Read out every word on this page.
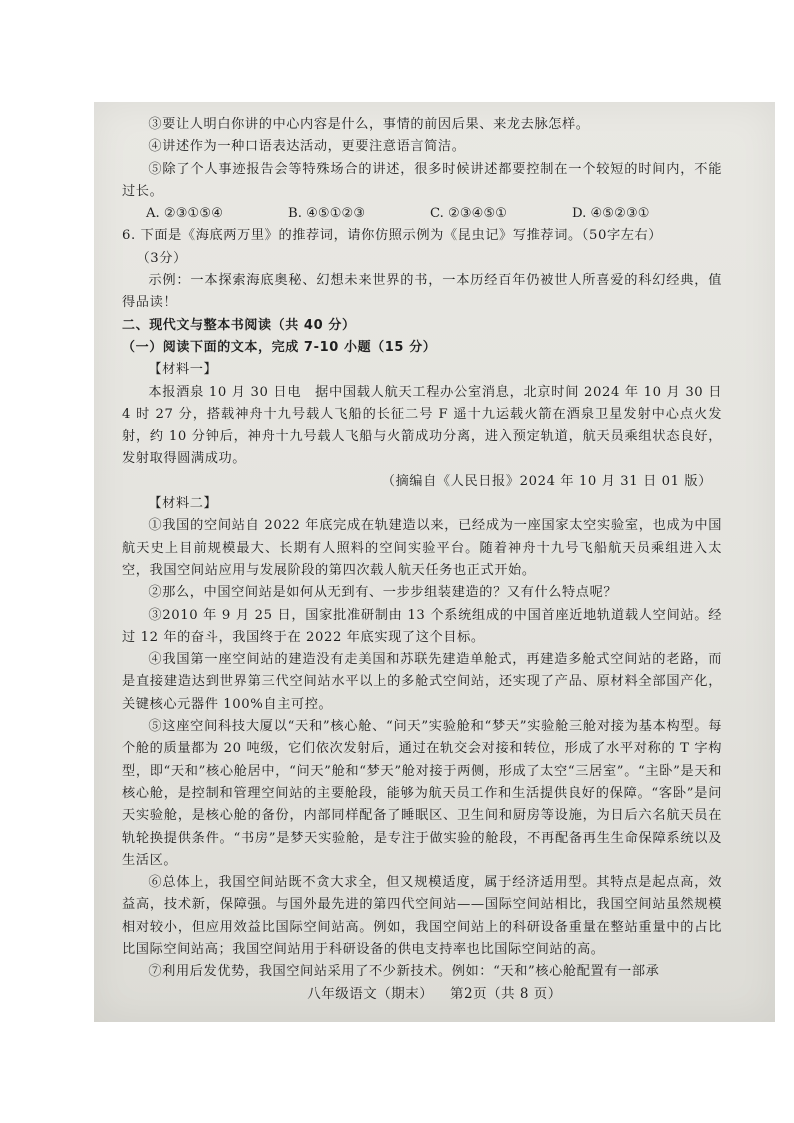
③要让人明白你讲的中心内容是什么，事情的前因后果、来龙去脉怎样。

④讲述作为一种口语表达活动，更要注意语言简洁。

⑤除了个人事迹报告会等特殊场合的讲述，很多时候讲述都要控制在一个较短的时间内，不能过长。

A. ②③①⑤④	B. ④⑤①②③	C. ②③④⑤①	D. ④⑤②③①

6. 下面是《海底两万里》的推荐词，请你仿照示例为《昆虫记》写推荐词。（50字左右）

（3分）

示例：一本探索海底奥秘、幻想未来世界的书，一本历经百年仍被世人所喜爱的科幻经典，值得品读！

二、现代文与整本书阅读（共 40 分）

（一）阅读下面的文本，完成 7-10 小题（15 分）

【材料一】

本报酒泉 10 月 30 日电　据中国载人航天工程办公室消息，北京时间 2024 年 10 月 30 日 4 时 27 分，搭载神舟十九号载人飞船的长征二号 F 遥十九运载火箭在酒泉卫星发射中心点火发射，约 10 分钟后，神舟十九号载人飞船与火箭成功分离，进入预定轨道，航天员乘组状态良好，发射取得圆满成功。

（摘编自《人民日报》2024 年 10 月 31 日 01 版）

【材料二】

①我国的空间站自 2022 年底完成在轨建造以来，已经成为一座国家太空实验室，也成为中国航天史上目前规模最大、长期有人照料的空间实验平台。随着神舟十九号飞船航天员乘组进入太空，我国空间站应用与发展阶段的第四次载人航天任务也正式开始。

②那么，中国空间站是如何从无到有、一步步组装建造的？又有什么特点呢？

③2010 年 9 月 25 日，国家批准研制由 13 个系统组成的中国首座近地轨道载人空间站。经过 12 年的奋斗，我国终于在 2022 年底实现了这个目标。

④我国第一座空间站的建造没有走美国和苏联先建造单舱式，再建造多舱式空间站的老路，而是直接建造达到世界第三代空间站水平以上的多舱式空间站，还实现了产品、原材料全部国产化，关键核心元器件 100%自主可控。

⑤这座空间科技大厦以“天和”核心舱、“问天”实验舱和“梦天”实验舱三舱对接为基本构型。每个舱的质量都为 20 吨级，它们依次发射后，通过在轨交会对接和转位，形成了水平对称的 T 字构型，即“天和”核心舱居中，“问天”舱和“梦天”舱对接于两侧，形成了太空“三居室”。“主卧”是天和核心舱，是控制和管理空间站的主要舱段，能够为航天员工作和生活提供良好的保障。“客卧”是问天实验舱，是核心舱的备份，内部同样配备了睡眠区、卫生间和厨房等设施，为日后六名航天员在轨轮换提供条件。“书房”是梦天实验舱，是专注于做实验的舱段，不再配备再生生命保障系统以及生活区。

⑥总体上，我国空间站既不贪大求全，但又规模适度，属于经济适用型。其特点是起点高，效益高，技术新，保障强。与国外最先进的第四代空间站——国际空间站相比，我国空间站虽然规模相对较小，但应用效益比国际空间站高。例如，我国空间站上的科研设备重量在整站重量中的占比比国际空间站高；我国空间站用于科研设备的供电支持率也比国际空间站的高。

⑦利用后发优势，我国空间站采用了不少新技术。例如：“天和”核心舱配置有一部承

八年级语文（期末） 第2页（共 8 页）
